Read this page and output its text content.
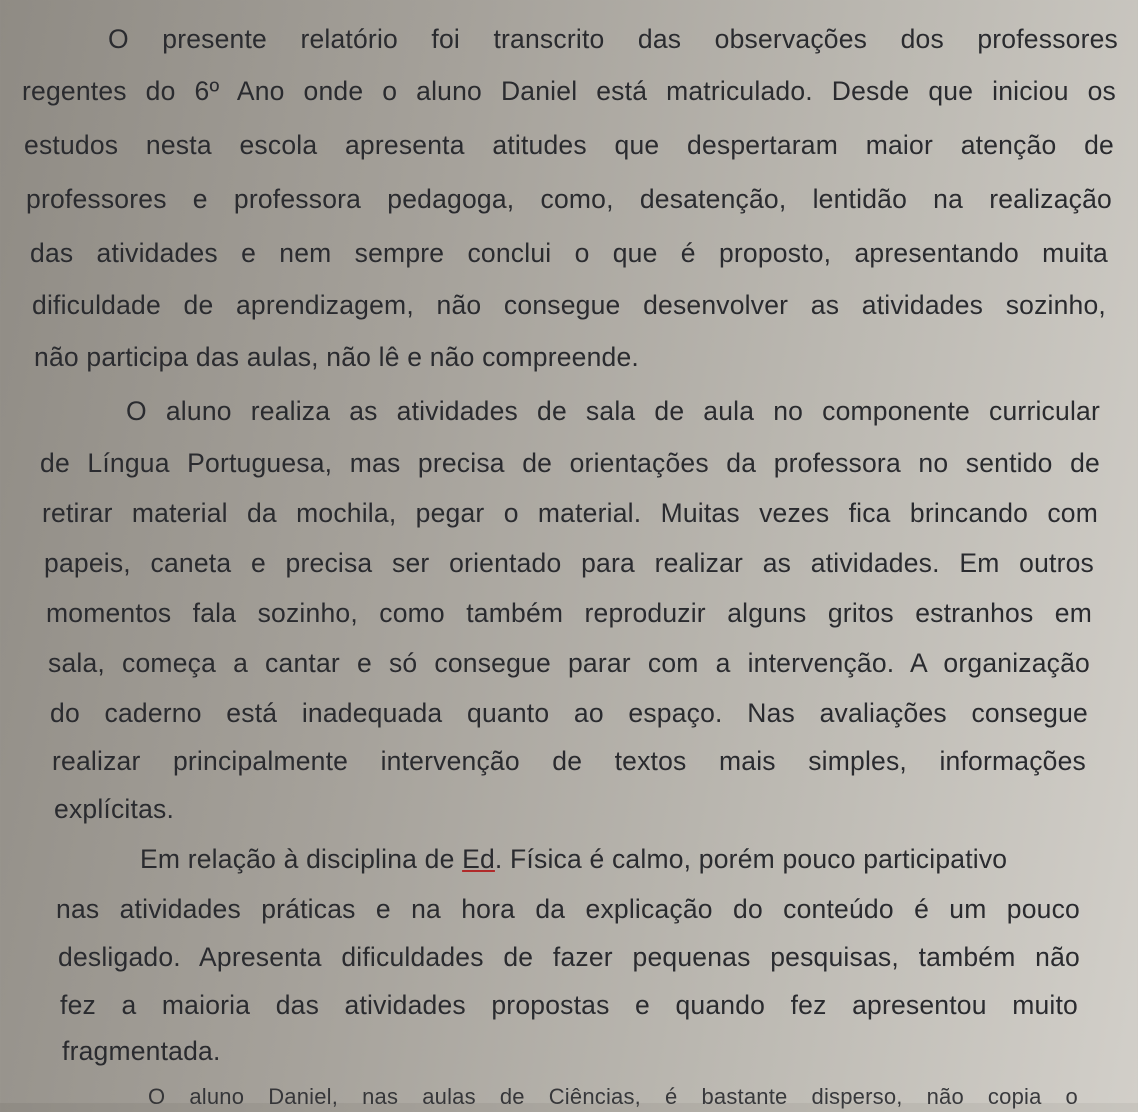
O presente relatório foi transcrito das observações dos professores
regentes do 6º Ano onde o aluno Daniel está matriculado. Desde que iniciou os
estudos nesta escola apresenta atitudes que despertaram maior atenção de
professores e professora pedagoga, como, desatenção, lentidão na realização
das atividades e nem sempre conclui o que é proposto, apresentando muita
dificuldade de aprendizagem, não consegue desenvolver as atividades sozinho,
não participa das aulas, não lê e não compreende.
O aluno realiza as atividades de sala de aula no componente curricular
de Língua Portuguesa, mas precisa de orientações da professora no sentido de
retirar material da mochila, pegar o material. Muitas vezes fica brincando com
papeis, caneta e precisa ser orientado para realizar as atividades. Em outros
momentos fala sozinho, como também reproduzir alguns gritos estranhos em
sala, começa a cantar e só consegue parar com a intervenção. A organização
do caderno está inadequada quanto ao espaço. Nas avaliações consegue
realizar principalmente intervenção de textos mais simples, informações
explícitas.
Em relação à disciplina de Ed. Física é calmo, porém pouco participativo
nas atividades práticas e na hora da explicação do conteúdo é um pouco
desligado. Apresenta dificuldades de fazer pequenas pesquisas, também não
fez a maioria das atividades propostas e quando fez apresentou muito
fragmentada.
O aluno Daniel, nas aulas de Ciências, é bastante disperso, não copia o
